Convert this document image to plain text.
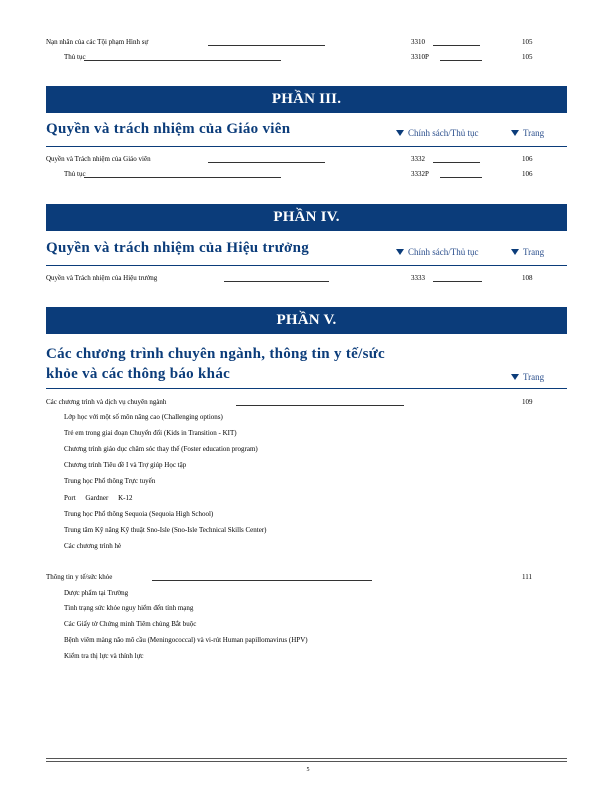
Nạn nhân của các Tội phạm Hình sự	3310	105
Thủ tục	3310P	105
PHẦN III.
Quyền và trách nhiệm của Giáo viên	Chính sách/Thủ tục	Trang
Quyền và Trách nhiệm của Giáo viên	3332	106
Thủ tục	3332P	106
PHẦN IV.
Quyền và trách nhiệm của Hiệu trưởng	Chính sách/Thủ tục	Trang
Quyền và Trách nhiệm của Hiệu trưởng	3333	108
PHẦN V.
Các chương trình chuyên ngành, thông tin y tế/sức
khỏe và các thông báo khác	Trang
Các chương trình và dịch vụ chuyên ngành	109
Lớp học với một số môn nâng cao (Challenging options)
Trẻ em trong giai đoạn Chuyển đổi (Kids in Transition - KIT)
Chương trình giáo dục chăm sóc thay thế (Foster education program)
Chương trình Tiêu đề I và Trợ giúp Học tập
Trung học Phổ thông Trực tuyến
Port Gardner K-12
Trung học Phổ thông Sequoia (Sequoia High School)
Trung tâm Kỹ năng Kỹ thuật Sno-Isle (Sno-Isle Technical Skills Center)
Các chương trình hè
Thông tin y tế/sức khỏe	111
Dược phẩm tại Trường
Tình trạng sức khỏe nguy hiểm đến tính mạng
Các Giấy tờ Chứng minh Tiêm chủng Bắt buộc
Bệnh viêm màng não mô cầu (Meningococcal) và vi-rút Human papillomavirus (HPV)
Kiểm tra thị lực và thính lực
5
